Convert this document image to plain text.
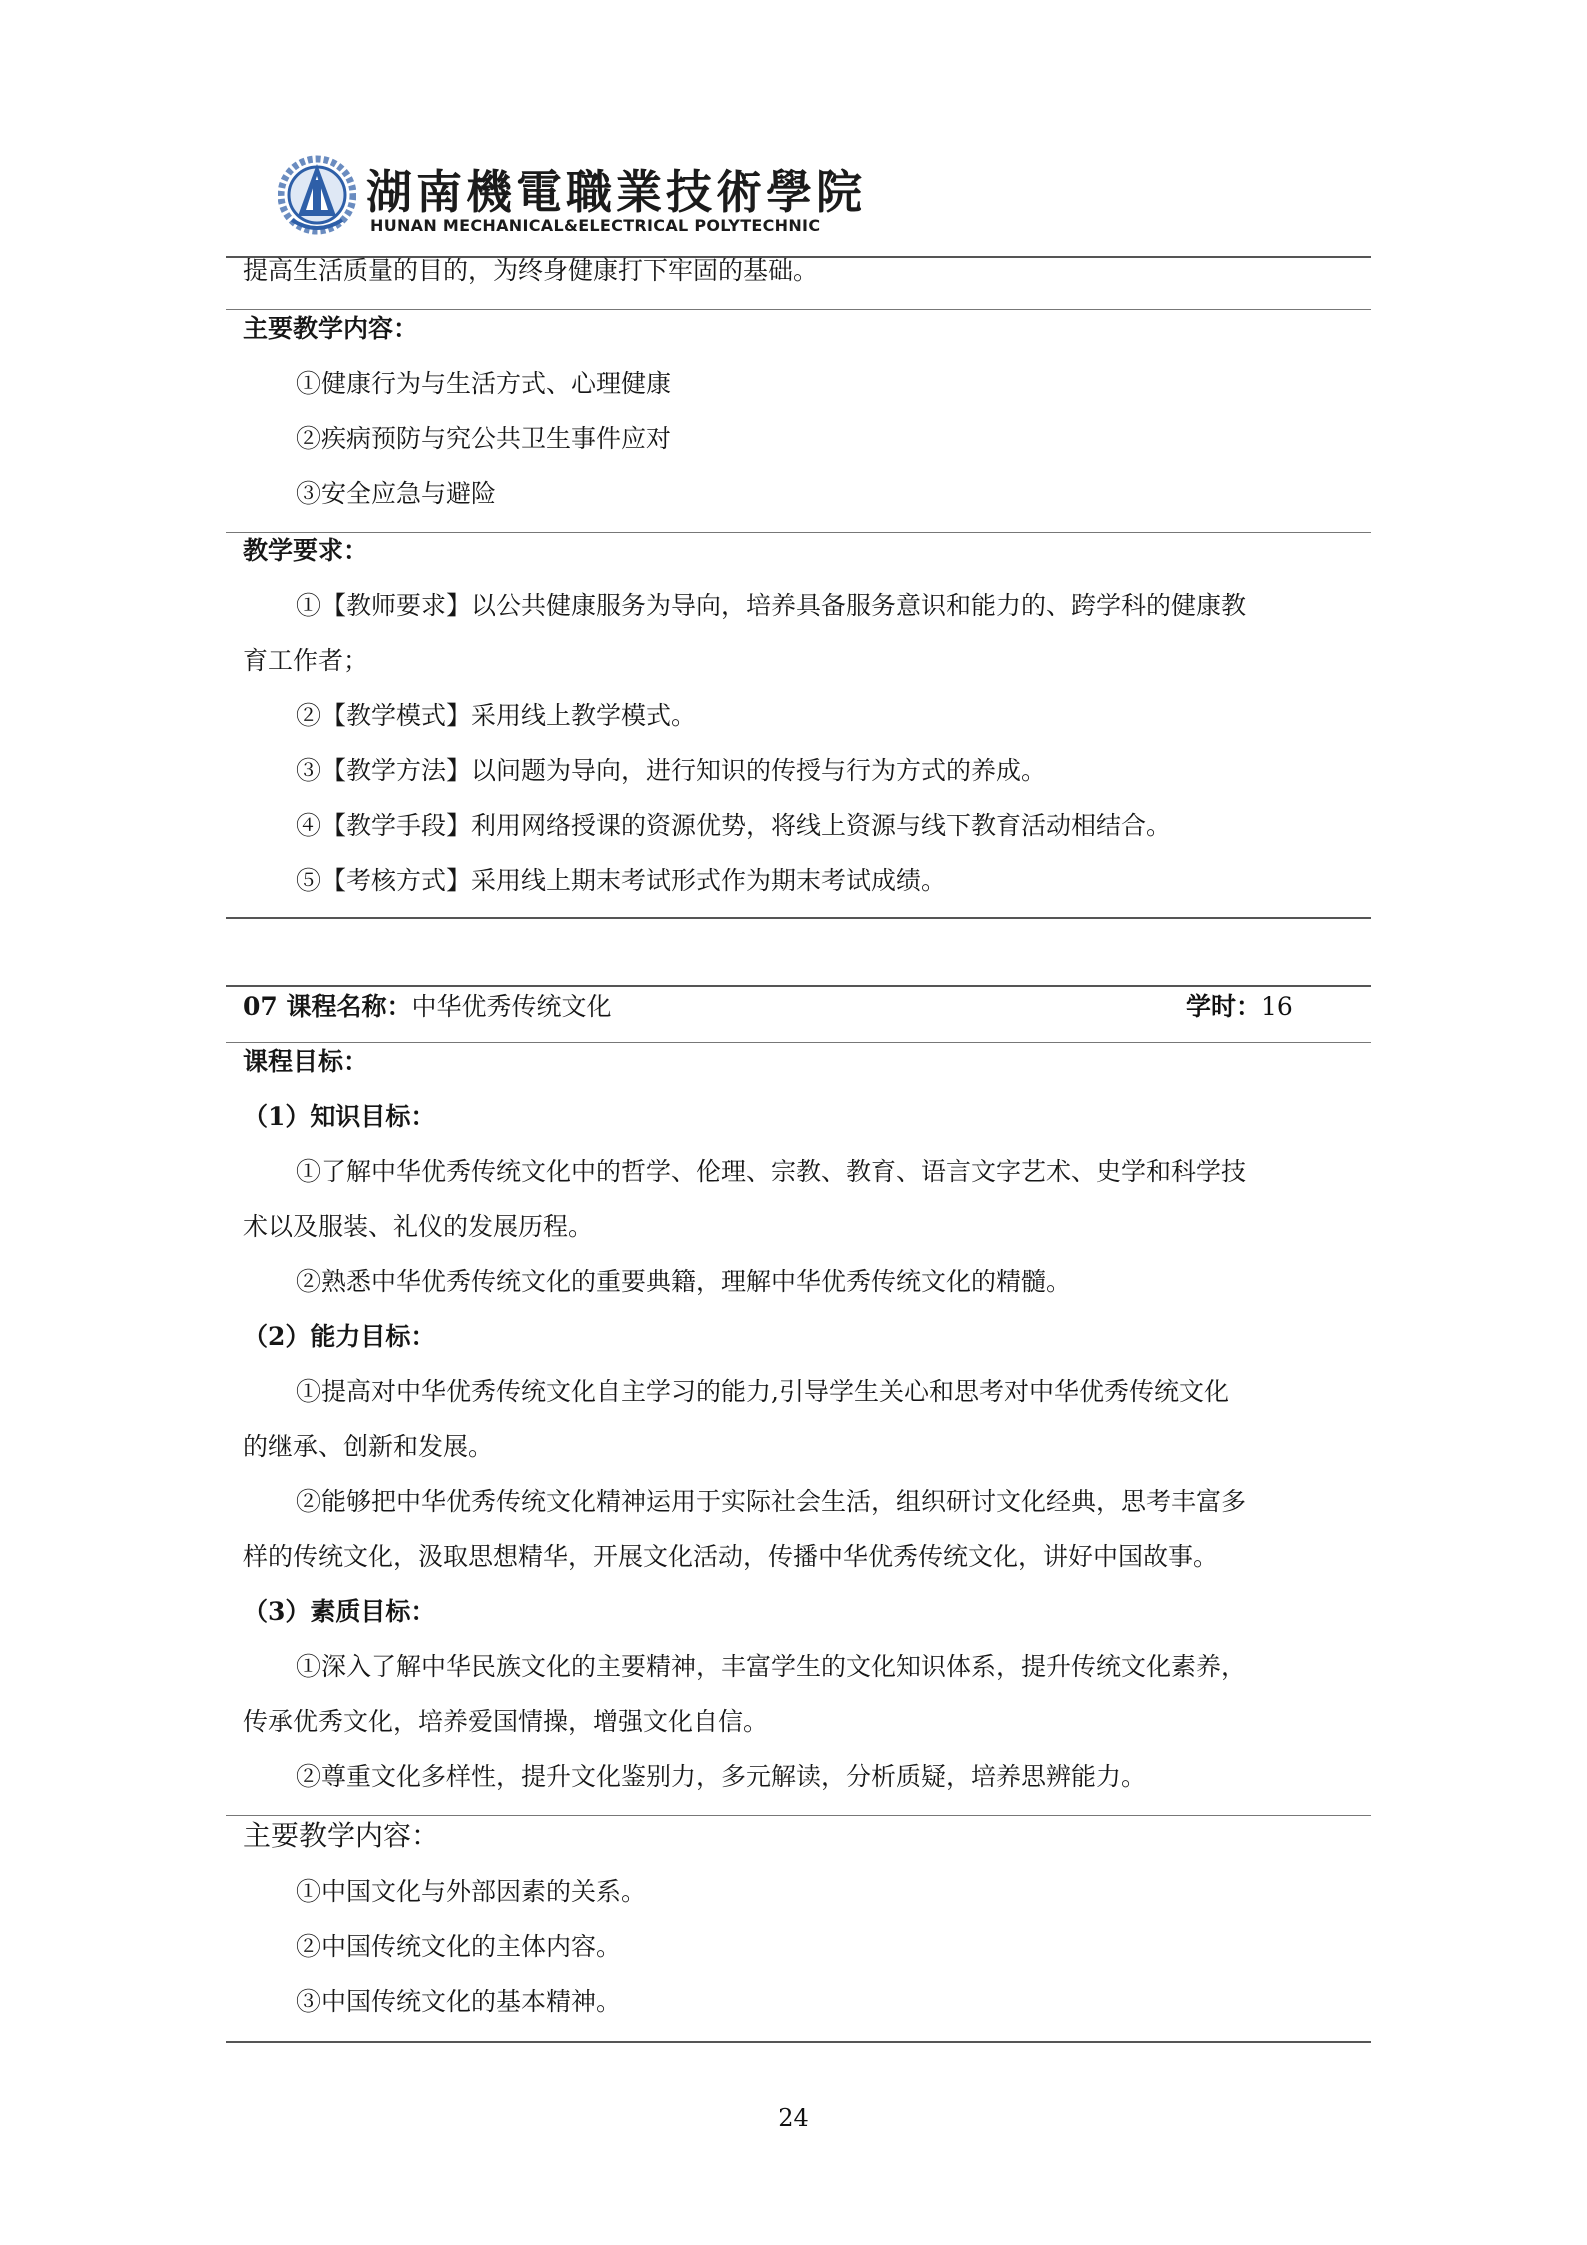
湖南機電職業技術學院
HUNAN MECHANICAL&ELECTRICAL POLYTECHNIC
提高生活质量的目的，为终身健康打下牢固的基础。
主要教学内容：
①健康行为与生活方式、心理健康
②疾病预防与究公共卫生事件应对
③安全应急与避险
教学要求：
①【教师要求】以公共健康服务为导向，培养具备服务意识和能力的、跨学科的健康教
育工作者；
②【教学模式】采用线上教学模式。
③【教学方法】以问题为导向，进行知识的传授与行为方式的养成。
④【教学手段】利用网络授课的资源优势，将线上资源与线下教育活动相结合。
⑤【考核方式】采用线上期末考试形式作为期末考试成绩。
07 课程名称：中华优秀传统文化	学时：16
课程目标：
（1）知识目标：
①了解中华优秀传统文化中的哲学、伦理、宗教、教育、语言文字艺术、史学和科学技
术以及服装、礼仪的发展历程。
②熟悉中华优秀传统文化的重要典籍，理解中华优秀传统文化的精髓。
（2）能力目标：
①提高对中华优秀传统文化自主学习的能力,引导学生关心和思考对中华优秀传统文化
的继承、创新和发展。
②能够把中华优秀传统文化精神运用于实际社会生活，组织研讨文化经典，思考丰富多
样的传统文化，汲取思想精华，开展文化活动，传播中华优秀传统文化，讲好中国故事。
（3）素质目标：
①深入了解中华民族文化的主要精神，丰富学生的文化知识体系，提升传统文化素养，
传承优秀文化，培养爱国情操，增强文化自信。
②尊重文化多样性，提升文化鉴别力，多元解读，分析质疑，培养思辨能力。
主要教学内容：
①中国文化与外部因素的关系。
②中国传统文化的主体内容。
③中国传统文化的基本精神。
24
